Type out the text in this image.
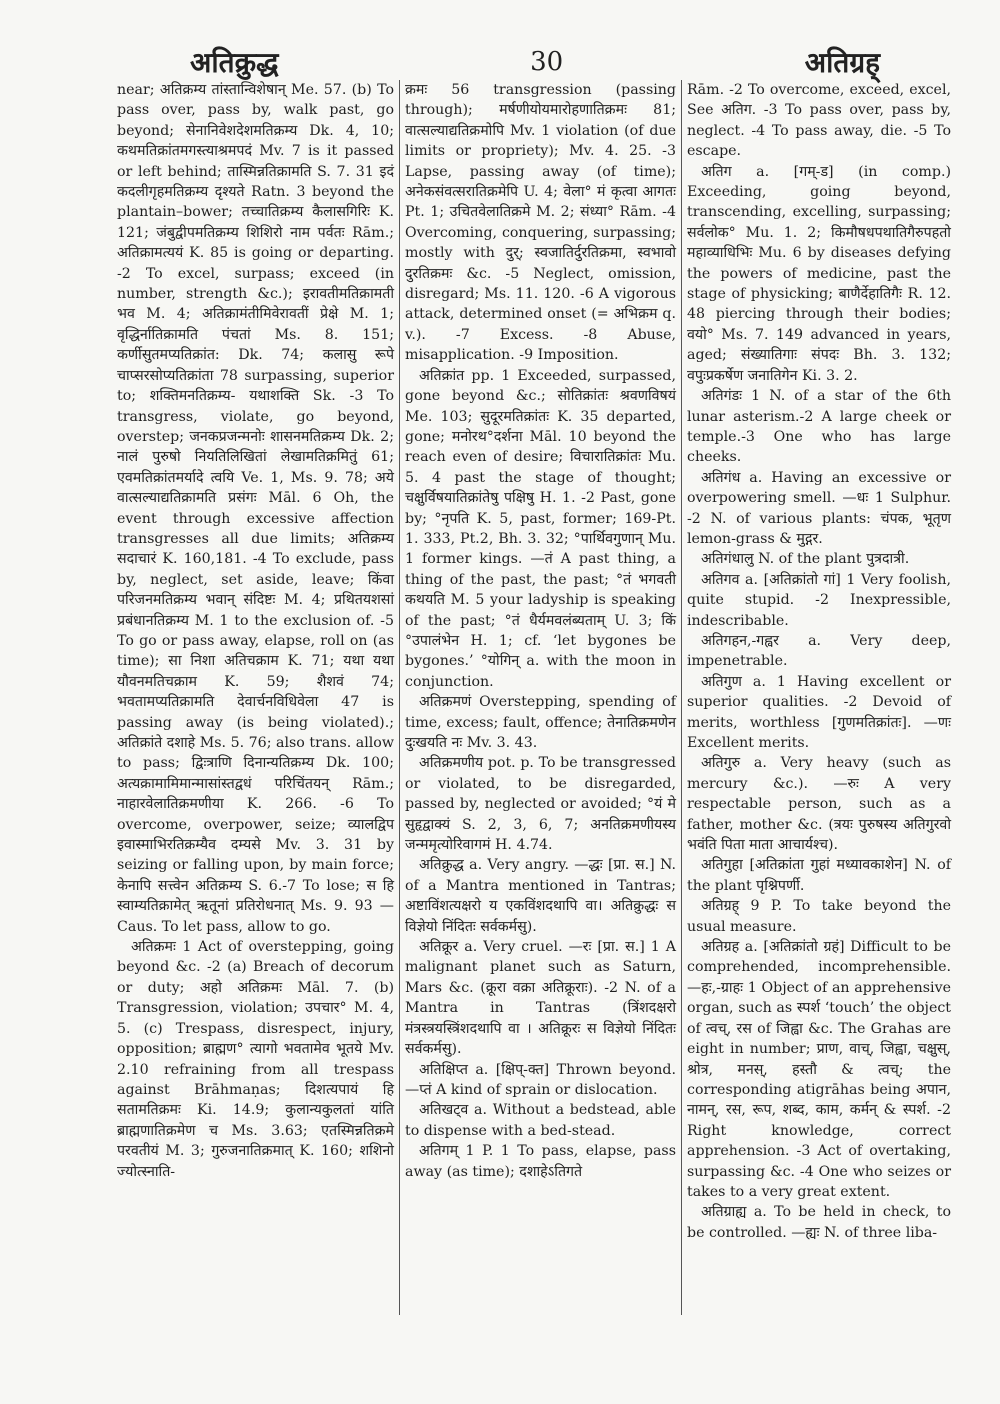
अतिक्रुद्ध	30	अतिग्रह्

near; अतिक्रम्य तांस्तान्विशेषान् Me. 57. (b) To pass over, pass by, walk past, go beyond; सेनानिवेशदेशमतिक्रम्य Dk. 4, 10; कथमतिक्रांतमगस्त्याश्रमपदं Mv. 7 is it passed or left behind; तास्मिन्नतिक्रामति S. 7. 31 इदं कदलीगृहमतिक्रम्य दृश्यते Ratn. 3 beyond the plantain–bower; तच्चातिक्रम्य कैलासगिरिः K. 121; जंबुद्वीपमतिक्रम्य शिशिरो नाम पर्वतः Rām.; अतिक्रामत्ययं K. 85 is going or departing. -2 To excel, surpass; exceed (in number, strength &c.); इरावतीमतिक्रामती भव M. 4; अतिक्रामंतीमिवेरावतीं प्रेक्षे M. 1; वृद्धिर्नातिक्रामति पंचतां Ms. 8. 151; कर्णीसुतमप्यतिक्रांत: Dk. 74; कलासु रूपे चाप्सरसोप्यतिक्रांता 78 surpassing, superior to; शक्तिमनतिक्रम्य- यथाशक्ति Sk. -3 To transgress, violate, go beyond, overstep; जनकप्रजन्मनोः शासनमतिक्रम्य Dk. 2; नालं पुरुषो नियतिलिखितां लेखामतिक्रमितुं 61; एवमतिक्रांतमर्यादे त्वयि Ve. 1, Ms. 9. 78; अये वात्सल्याद्यतिक्रामति प्रसंगः Māl. 6 Oh, the event through excessive affection transgresses all due limits; अतिक्रम्य सदाचारं K. 160,181. -4 To exclude, pass by, neglect, set aside, leave; किंवा परिजनमतिक्रम्य भवान् संदिष्टः M. 4; प्रथितयशसां प्रबंधानतिक्रम्य M. 1 to the exclusion of. -5 To go or pass away, elapse, roll on (as time); सा निशा अतिचक्राम K. 71; यथा यथा यौवनमतिचक्राम K. 59; शैशवं 74; भवतामप्यतिक्रामति देवार्चनविधिवेला 47 is passing away (is being violated).; अतिक्रांते दशाहे Ms. 5. 76; also trans. allow to pass; द्विःत्राणि दिनान्यतिक्रम्य Dk. 100; अत्यक्रामामिमान्मासांस्तद्वधं परिचिंतयन् Rām.; नाहारवेलातिक्रमणीया K. 266. -6 To overcome, overpower, seize; व्यालद्विप इवास्माभिरतिक्रम्यैव दम्यसे Mv. 3. 31 by seizing or falling upon, by main force; केनापि सत्त्वेन अतिक्रम्य S. 6.-7 To lose; स हि स्वाम्यतिक्रामेत् ऋतूनां प्रतिरोधनात् Ms. 9. 93 —Caus. To let pass, allow to go.

अतिक्रमः 1 Act of overstepping, going beyond &c. -2 (a) Breach of decorum or duty; अहो अतिक्रमः Māl. 7. (b) Transgression, violation; उपचार° M. 4, 5. (c) Trespass, disrespect, injury, opposition; ब्राह्मण° त्यागो भवतामेव भूतये Mv. 2.10 refraining from all trespass against Brāhmaṇas; दिशत्यपायं हि सतामतिक्रमः Ki. 14.9; कुलान्यकुलतां यांति ब्राह्मणातिक्रमेण च Ms. 3.63; एतस्मिन्नतिक्रमे परवतीयं M. 3; गुरुजनातिक्रमात् K. 160; शशिनो ज्योत्स्नाति-

क्रमः 56 transgression (passing through); मर्षणीयोयमारोहणातिक्रमः 81; वात्सल्याद्यतिक्रमोपि Mv. 1 violation (of due limits or propriety); Mv. 4. 25. -3 Lapse, passing away (of time); अनेकसंवत्सरातिक्रमेपि U. 4; वेला° मं कृत्वा आगतः Pt. 1; उचितवेलातिक्रमे M. 2; संध्या° Rām. -4 Overcoming, conquering, surpassing; mostly with दुर्; स्वजातिर्दुरतिक्रमा, स्वभावो दुरतिक्रमः &c. -5 Neglect, omission, disregard; Ms. 11. 120. -6 A vigorous attack, determined onset (= अभिक्रम q. v.). -7 Excess. -8 Abuse, misapplication. -9 Imposition.

अतिक्रांत pp. 1 Exceeded, surpassed, gone beyond &c.; सोतिक्रांतः श्रवणविषयं Me. 103; सुदूरमतिक्रांतः K. 35 departed, gone; मनोरथ°दर्शना Māl. 10 beyond the reach even of desire; विचारातिक्रांतः Mu. 5. 4 past the stage of thought; चक्षुर्विषयातिक्रांतेषु पक्षिषु H. 1. -2 Past, gone by; °नृपति K. 5, past, former; 169-Pt. 1. 333, Pt.2, Bh. 3. 32; °पार्थिवगुणान् Mu. 1 former kings. —तं A past thing, a thing of the past, the past; °तं भगवती कथयति M. 5 your ladyship is speaking of the past; °तं धैर्यमवलंब्यताम् U. 3; किं °उपालंभेन H. 1; cf. ‘let bygones be bygones.’ °योगिन् a. with the moon in conjunction.

अतिक्रमणं Overstepping, spending of time, excess; fault, offence; तेनातिक्रमणेन दुःखयति नः Mv. 3. 43.

अतिक्रमणीय pot. p. To be transgressed or violated, to be disregarded, passed by, neglected or avoided; °यं मे सुहृद्वाक्यं S. 2, 3, 6, 7; अनतिक्रमणीयस्य जन्ममृत्योरिवागमं H. 4.74.

अतिक्रुद्ध a. Very angry. —द्धः [प्रा. स.] N. of a Mantra mentioned in Tantras; अष्टाविंशत्यक्षरो य एकविंशदथापि वा। अतिक्रुद्धः स विज्ञेयो निंदितः सर्वकर्मसु).

अतिक्रूर a. Very cruel. —रः [प्रा. स.] 1 A malignant planet such as Saturn, Mars &c. (क्रूरा वक्रा अतिक्रूराः). -2 N. of a Mantra in Tantras (त्रिंशदक्षरो मंत्रस्त्रयस्त्रिंशदथापि वा । अतिक्रूरः स विज्ञेयो निंदितः सर्वकर्मसु).

अतिक्षिप्त a. [क्षिप्-क्त] Thrown beyond. —प्तं A kind of sprain or dislocation.

अतिखट्व a. Without a bedstead, able to dispense with a bed-stead.

अतिगम् 1 P. 1 To pass, elapse, pass away (as time); दशाहेऽतिगते

Rām. -2 To overcome, exceed, excel, See अतिग. -3 To pass over, pass by, neglect. -4 To pass away, die. -5 To escape.

अतिग a. [गम्-ड] (in comp.) Exceeding, going beyond, transcending, excelling, surpassing; सर्वलोक° Mu. 1. 2; किमौषधपथातिगैरुपहतो महाव्याधिभिः Mu. 6 by diseases defying the powers of medicine, past the stage of physicking; बाणैर्देहातिगैः R. 12. 48 piercing through their bodies; वयो° Ms. 7. 149 advanced in years, aged; संख्यातिगाः संपदः Bh. 3. 132; वपुःप्रकर्षेण जनातिगेन Ki. 3. 2.

अतिगंडः 1 N. of a star of the 6th lunar asterism.-2 A large cheek or temple.-3 One who has large cheeks.

अतिगंध a. Having an excessive or overpowering smell. —धः 1 Sulphur. -2 N. of various plants: चंपक, भूतृण lemon-grass & मुद्गर.

अतिगंधालु N. of the plant पुत्रदात्री.

अतिगव a. [अतिक्रांतो गां] 1 Very foolish, quite stupid. -2 Inexpressible, indescribable.

अतिगहन,-गह्वर a. Very deep, impenetrable.

अतिगुण a. 1 Having excellent or superior qualities. -2 Devoid of merits, worthless [गुणमतिक्रांतः]. —णः Excellent merits.

अतिगुरु a. Very heavy (such as mercury &c.). —रुः A very respectable person, such as a father, mother &c. (त्रयः पुरुषस्य अतिगुरवो भवंति पिता माता आचार्यश्च).

अतिगुहा [अतिक्रांता गुहां मध्यावकाशेन] N. of the plant पृश्निपर्णी.

अतिग्रह् 9 P. To take beyond the usual measure.

अतिग्रह a. [अतिक्रांतो ग्रहं] Difficult to be comprehended, incomprehensible. —हः,-ग्राहः 1 Object of an apprehensive organ, such as स्पर्श ‘touch’ the object of त्वच्, रस of जिह्वा &c. The Grahas are eight in number; प्राण, वाच्, जिह्वा, चक्षुस्, श्रोत्र, मनस्, हस्तौ & त्वच्; the corresponding atigrāhas being अपान, नामन्, रस, रूप, शब्द, काम, कर्मन् & स्पर्श. -2 Right knowledge, correct apprehension. -3 Act of overtaking, surpassing &c. -4 One who seizes or takes to a very great extent.

अतिग्राह्य a. To be held in check, to be controlled. —ह्यः N. of three liba-
